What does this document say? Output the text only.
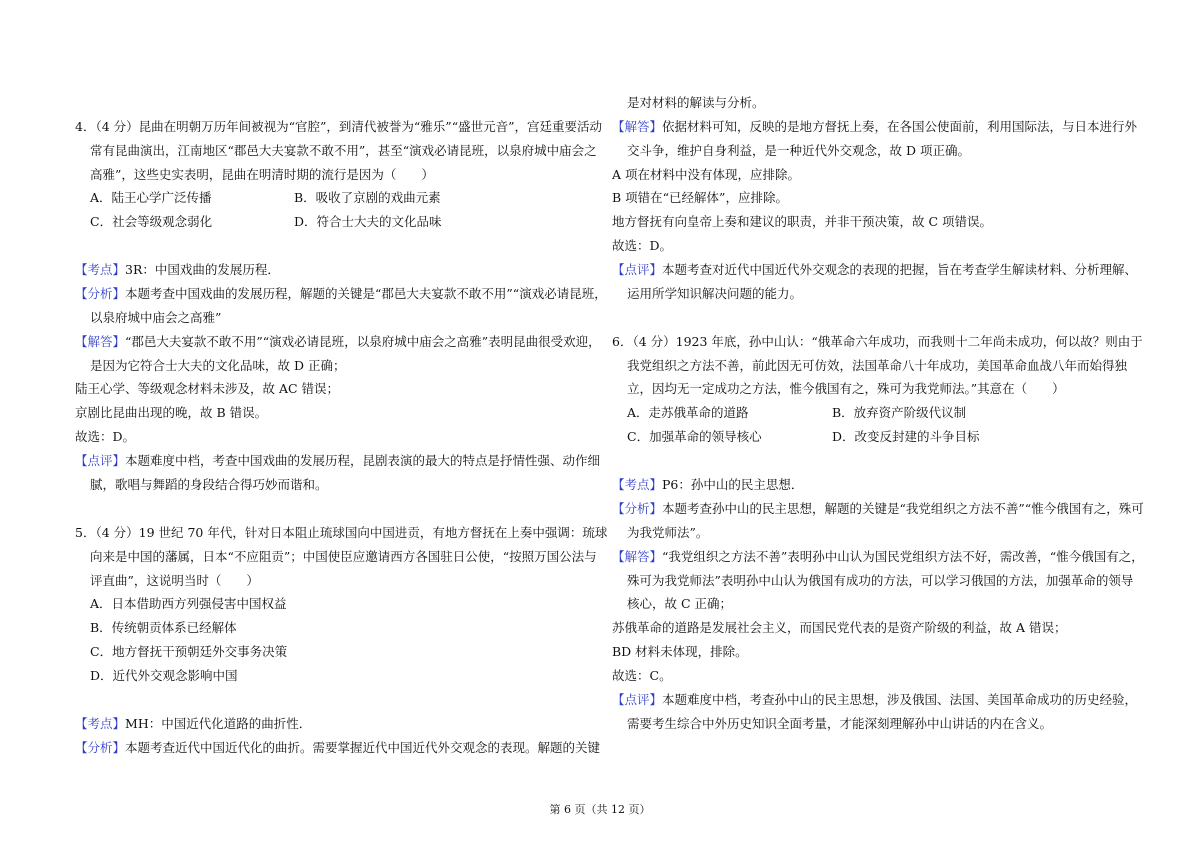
4．（4 分）昆曲在明朝万历年间被视为“官腔”，到清代被誉为“雅乐”“盛世元音”，宫廷重要活动
常有昆曲演出，江南地区“郡邑大夫宴款不敢不用”，甚至“演戏必请昆班，以泉府城中庙会之
高雅”，这些史实表明，昆曲在明清时期的流行是因为（　　）
A．陆王心学广泛传播	B．吸收了京剧的戏曲元素
C．社会等级观念弱化	D．符合士大夫的文化品味
【考点】3R：中国戏曲的发展历程．
【分析】本题考查中国戏曲的发展历程，解题的关键是“郡邑大夫宴款不敢不用”“演戏必请昆班，
以泉府城中庙会之高雅”
【解答】“郡邑大夫宴款不敢不用”“演戏必请昆班，以泉府城中庙会之高雅”表明昆曲很受欢迎，
是因为它符合士大夫的文化品味，故 D 正确；
陆王心学、等级观念材料未涉及，故 AC 错误；
京剧比昆曲出现的晚，故 B 错误。
故选：D。
【点评】本题难度中档，考查中国戏曲的发展历程，昆剧表演的最大的特点是抒情性强、动作细
腻，歌唱与舞蹈的身段结合得巧妙而谐和。
5．（4 分）19 世纪 70 年代，针对日本阻止琉球国向中国进贡，有地方督抚在上奏中强调：琉球
向来是中国的藩属，日本“不应阻贡”；中国使臣应邀请西方各国驻日公使，“按照万国公法与
评直曲”，这说明当时（　　）
A．日本借助西方列强侵害中国权益
B．传统朝贡体系已经解体
C．地方督抚干预朝廷外交事务决策
D．近代外交观念影响中国
【考点】MH：中国近代化道路的曲折性．
【分析】本题考查近代中国近代化的曲折。需要掌握近代中国近代外交观念的表现。解题的关键
是对材料的解读与分析。
【解答】依据材料可知，反映的是地方督抚上奏，在各国公使面前，利用国际法，与日本进行外
交斗争，维护自身利益，是一种近代外交观念，故 D 项正确。
A 项在材料中没有体现，应排除。
B 项错在“已经解体”，应排除。
地方督抚有向皇帝上奏和建议的职责，并非干预决策，故 C 项错误。
故选：D。
【点评】本题考查对近代中国近代外交观念的表现的把握，旨在考查学生解读材料、分析理解、
运用所学知识解决问题的能力。
6．（4 分）1923 年底，孙中山认：“俄革命六年成功，而我则十二年尚未成功，何以故？则由于
我党组织之方法不善，前此因无可仿效，法国革命八十年成功，美国革命血战八年而始得独
立，因均无一定成功之方法，惟今俄国有之，殊可为我党师法。”其意在（　　）
A．走苏俄革命的道路	B．放弃资产阶级代议制
C．加强革命的领导核心	D．改变反封建的斗争目标
【考点】P6：孙中山的民主思想．
【分析】本题考查孙中山的民主思想，解题的关键是“我党组织之方法不善”“惟今俄国有之，殊可
为我党师法”。
【解答】“我党组织之方法不善”表明孙中山认为国民党组织方法不好，需改善，“惟今俄国有之，
殊可为我党师法”表明孙中山认为俄国有成功的方法，可以学习俄国的方法，加强革命的领导
核心，故 C 正确；
苏俄革命的道路是发展社会主义，而国民党代表的是资产阶级的利益，故 A 错误；
BD 材料未体现，排除。
故选：C。
【点评】本题难度中档，考查孙中山的民主思想，涉及俄国、法国、美国革命成功的历史经验，
需要考生综合中外历史知识全面考量，才能深刻理解孙中山讲话的内在含义。
第 6 页（共 12 页）
